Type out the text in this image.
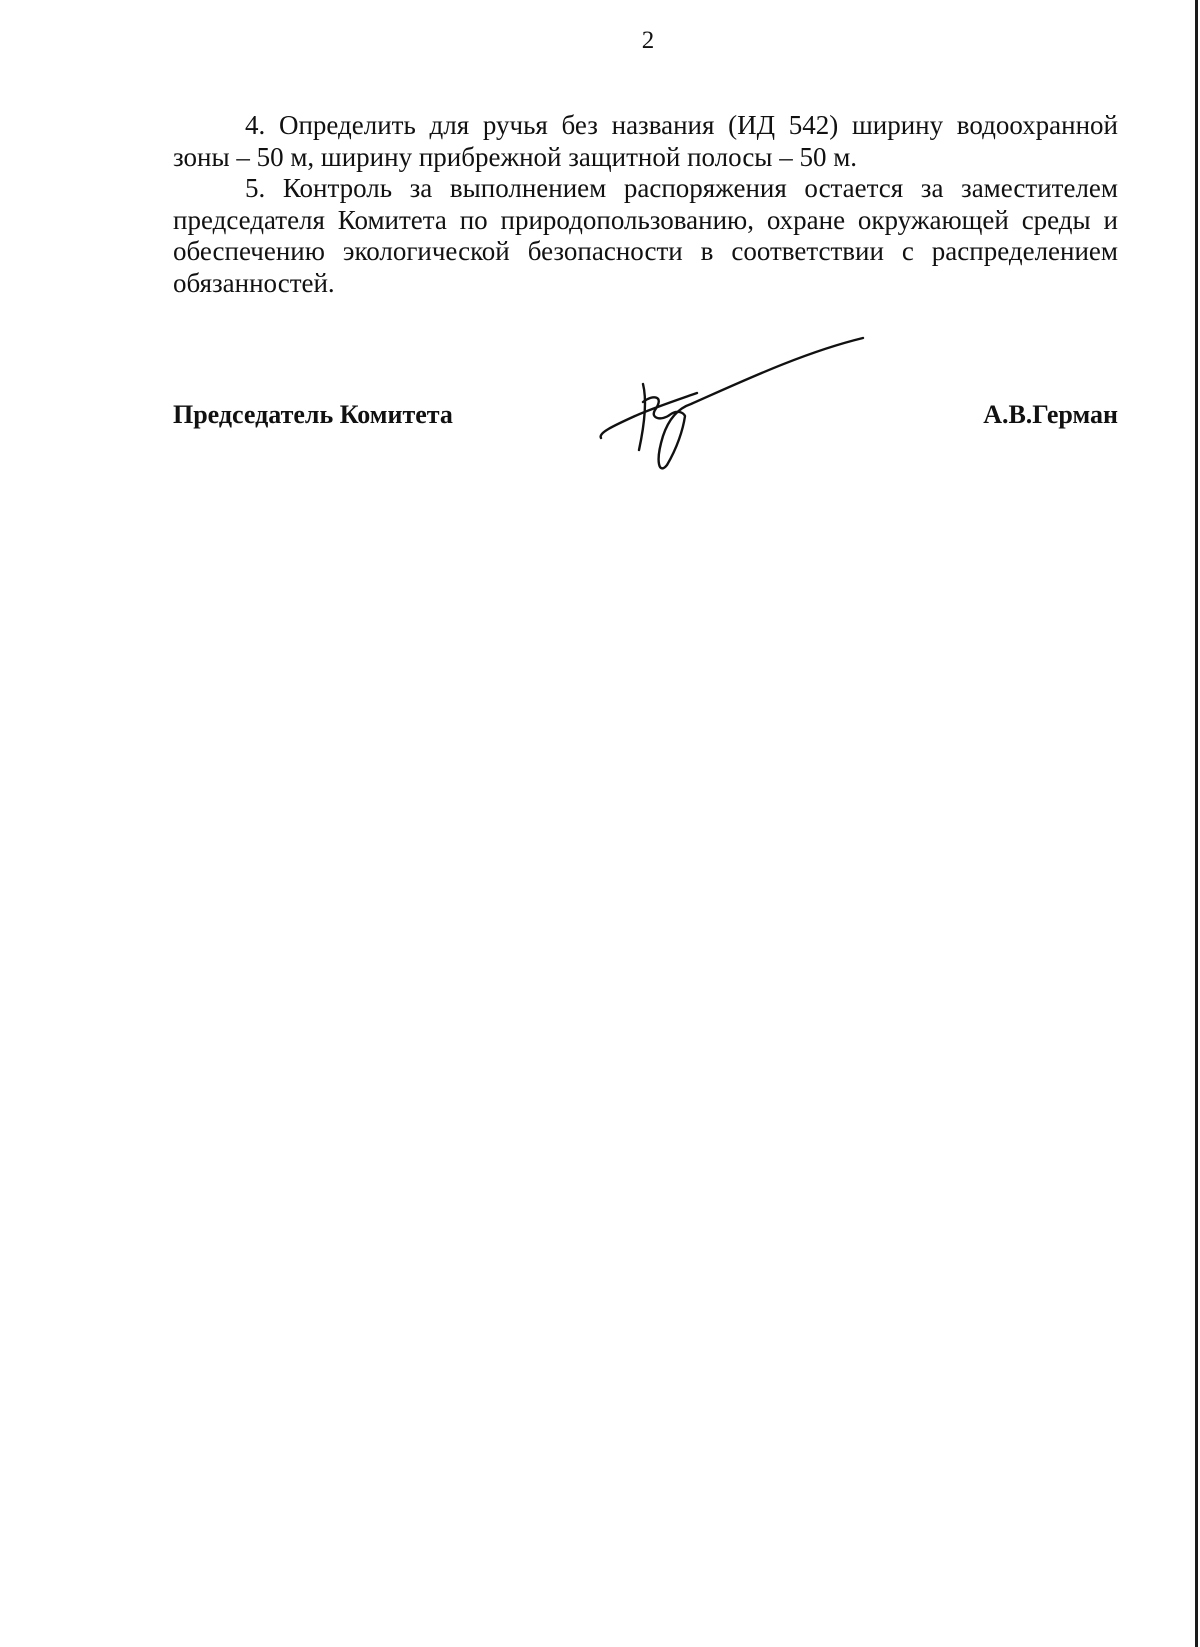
2

4. Определить для ручья без названия (ИД 542) ширину водоохранной зоны – 50 м, ширину прибрежной защитной полосы – 50 м.

5. Контроль за выполнением распоряжения остается за заместителем председателя Комитета по природопользованию, охране окружающей среды и обеспечению экологической безопасности в соответствии с распределением обязанностей.

Председатель Комитета	А.В.Герман
